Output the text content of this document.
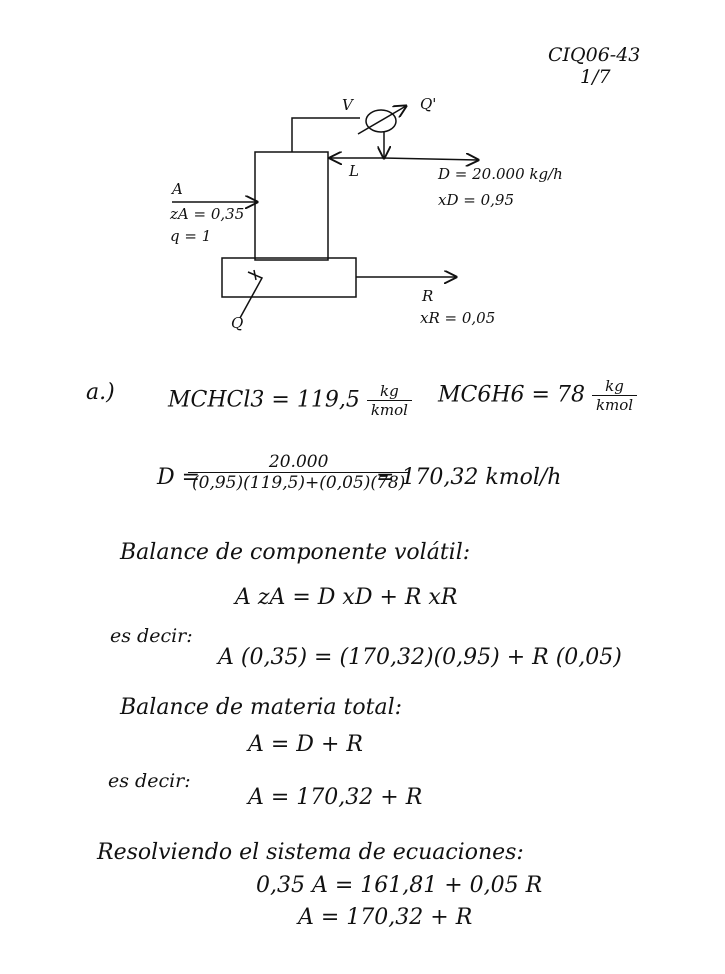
CIQ06-43
1/7
V	Q'
L
A
zA = 0,35
q = 1
D = 20.000 kg/h
xD = 0,95
R
xR = 0,05
Q
a.) MCHCl3 = $119,5 \frac{kg}{\text{kmol}} MC6H6 = 78 \frac{kg}{\text{kmol}}$
D =
$\frac{20.000}{(0,95)(119,5)+(0,05)(78)}$
= 170,32 kmol/h
Balance de componente volátil:
A zA = D xD + R xR
es decir:
A (0,35) = (170,32)(0,95) + R (0,05)
Balance de materia total:
A = D + R
es decir:
A = 170,32 + R
Resolviendo el sistema de ecuaciones:
0,35 A = 161,81 + 0,05 R
A = 170,32 + R
